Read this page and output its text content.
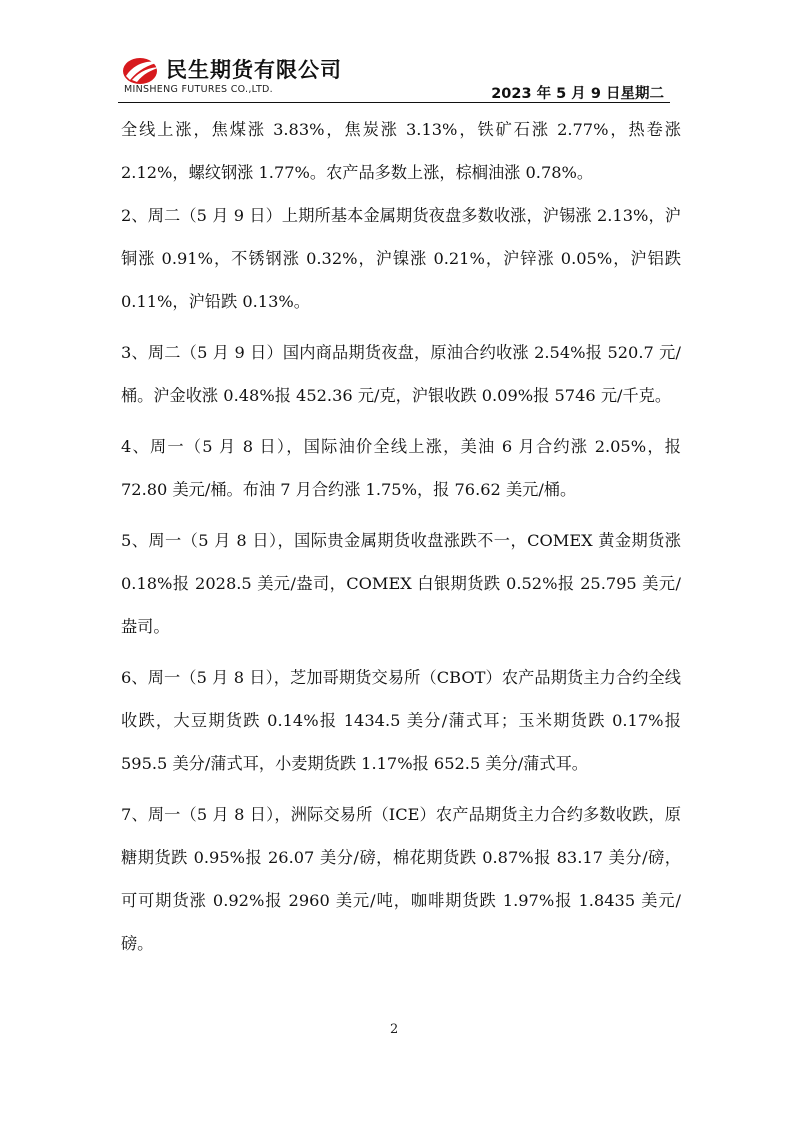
民生期货有限公司
MINSHENG FUTURES CO.,LTD.	2023 年 5 月 9 日星期二

全线上涨，焦煤涨 3.83%，焦炭涨 3.13%，铁矿石涨 2.77%，热卷涨 2.12%，螺纹钢涨 1.77%。农产品多数上涨，棕榈油涨 0.78%。

2、周二（5 月 9 日）上期所基本金属期货夜盘多数收涨，沪锡涨 2.13%，沪铜涨 0.91%，不锈钢涨 0.32%，沪镍涨 0.21%，沪锌涨 0.05%，沪铝跌 0.11%，沪铅跌 0.13%。

3、周二（5 月 9 日）国内商品期货夜盘，原油合约收涨 2.54%报 520.7 元/桶。沪金收涨 0.48%报 452.36 元/克，沪银收跌 0.09%报 5746 元/千克。

4、周一（5 月 8 日），国际油价全线上涨，美油 6 月合约涨 2.05%，报 72.80 美元/桶。布油 7 月合约涨 1.75%，报 76.62 美元/桶。

5、周一（5 月 8 日），国际贵金属期货收盘涨跌不一，COMEX 黄金期货涨 0.18%报 2028.5 美元/盎司，COMEX 白银期货跌 0.52%报 25.795 美元/盎司。

6、周一（5 月 8 日），芝加哥期货交易所（CBOT）农产品期货主力合约全线收跌，大豆期货跌 0.14%报 1434.5 美分/蒲式耳；玉米期货跌 0.17%报 595.5 美分/蒲式耳，小麦期货跌 1.17%报 652.5 美分/蒲式耳。

7、周一（5 月 8 日），洲际交易所（ICE）农产品期货主力合约多数收跌，原糖期货跌 0.95%报 26.07 美分/磅，棉花期货跌 0.87%报 83.17 美分/磅，可可期货涨 0.92%报 2960 美元/吨，咖啡期货跌 1.97%报 1.8435 美元/磅。

2
